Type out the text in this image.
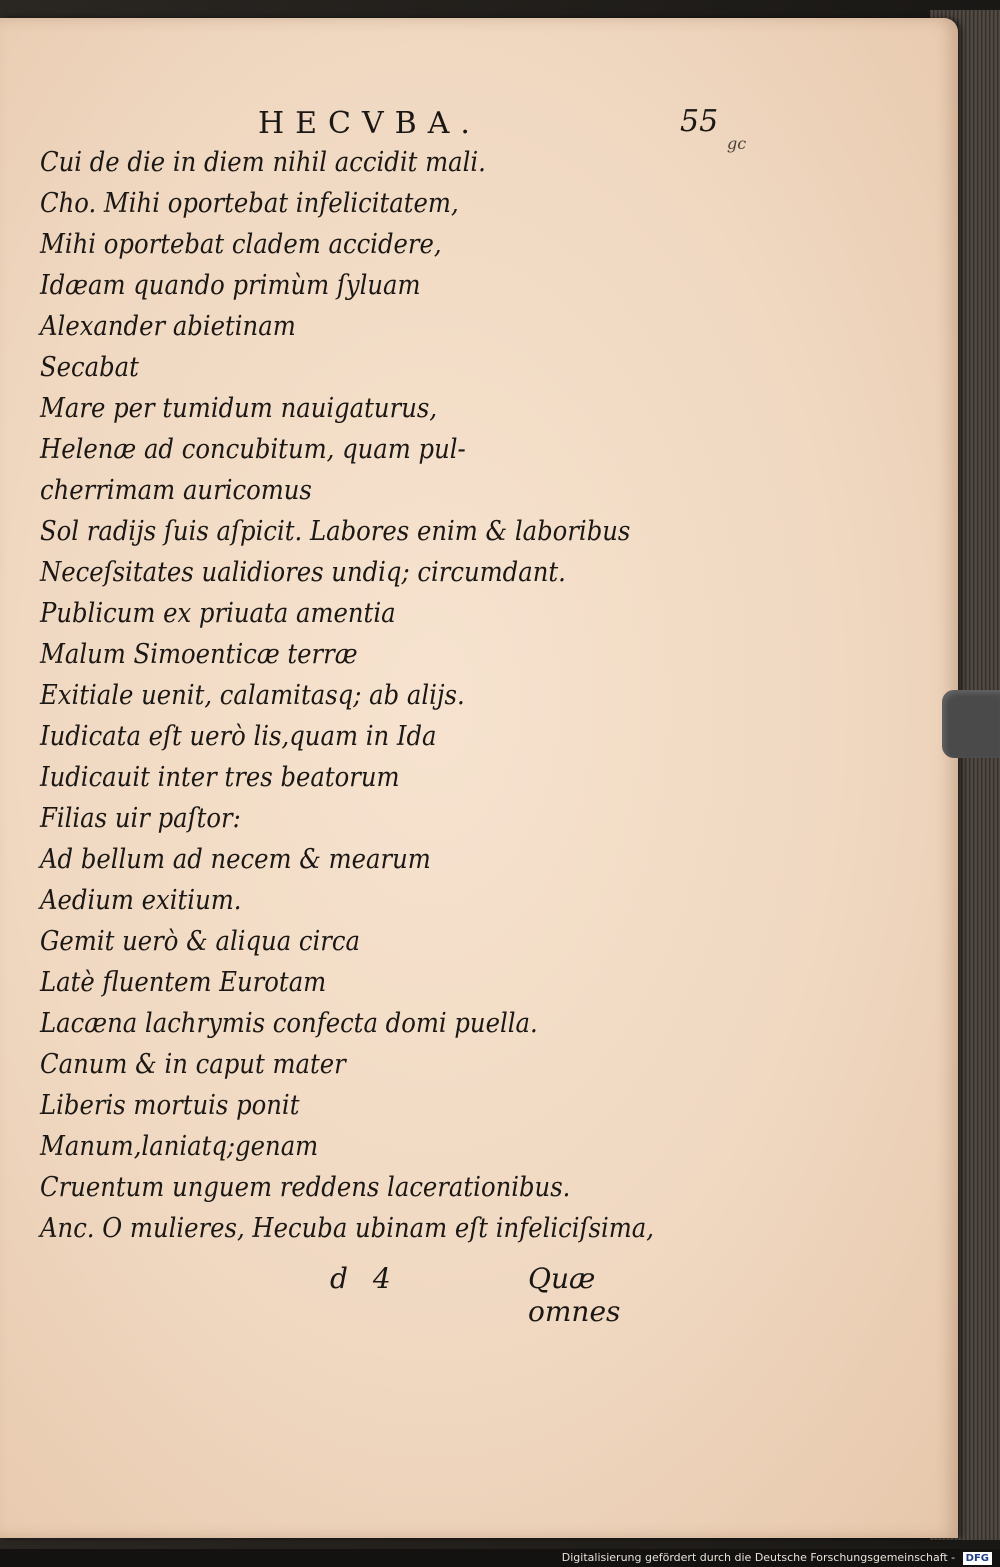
HECVBA.	55
gc
Cui de die in diem nihil accidit mali.
Cho. Mihi oportebat infelicitatem,
Mihi oportebat cladem accidere,
Idæam quando primùm ſyluam
Alexander abietinam
Secabat
Mare per tumidum nauigaturus,
Helenæ ad concubitum, quam pul-
cherrimam auricomus
Sol radijs ſuis aſpicit. Labores enim & laboribus
Neceſsitates ualidiores undiq; circumdant.
Publicum ex priuata amentia
Malum Simoenticæ terræ
Exitiale uenit, calamitasq; ab alijs.
Iudicata eſt uerò lis,quam in Ida
Iudicauit inter tres beatorum
Filias uir paſtor:
Ad bellum ad necem & mearum
Aedium exitium.
Gemit uerò & aliqua circa
Latè fluentem Eurotam
Lacæna lachrymis confecta domi puella.
Canum & in caput mater
Liberis mortuis ponit
Manum,laniatq;genam
Cruentum unguem reddens lacerationibus.
Anc. O mulieres, Hecuba ubinam eſt infeliciſsima,
d 4	Quæ omnes
Digitalisierung gefördert durch die Deutsche Forschungsgemeinschaft - DFG
